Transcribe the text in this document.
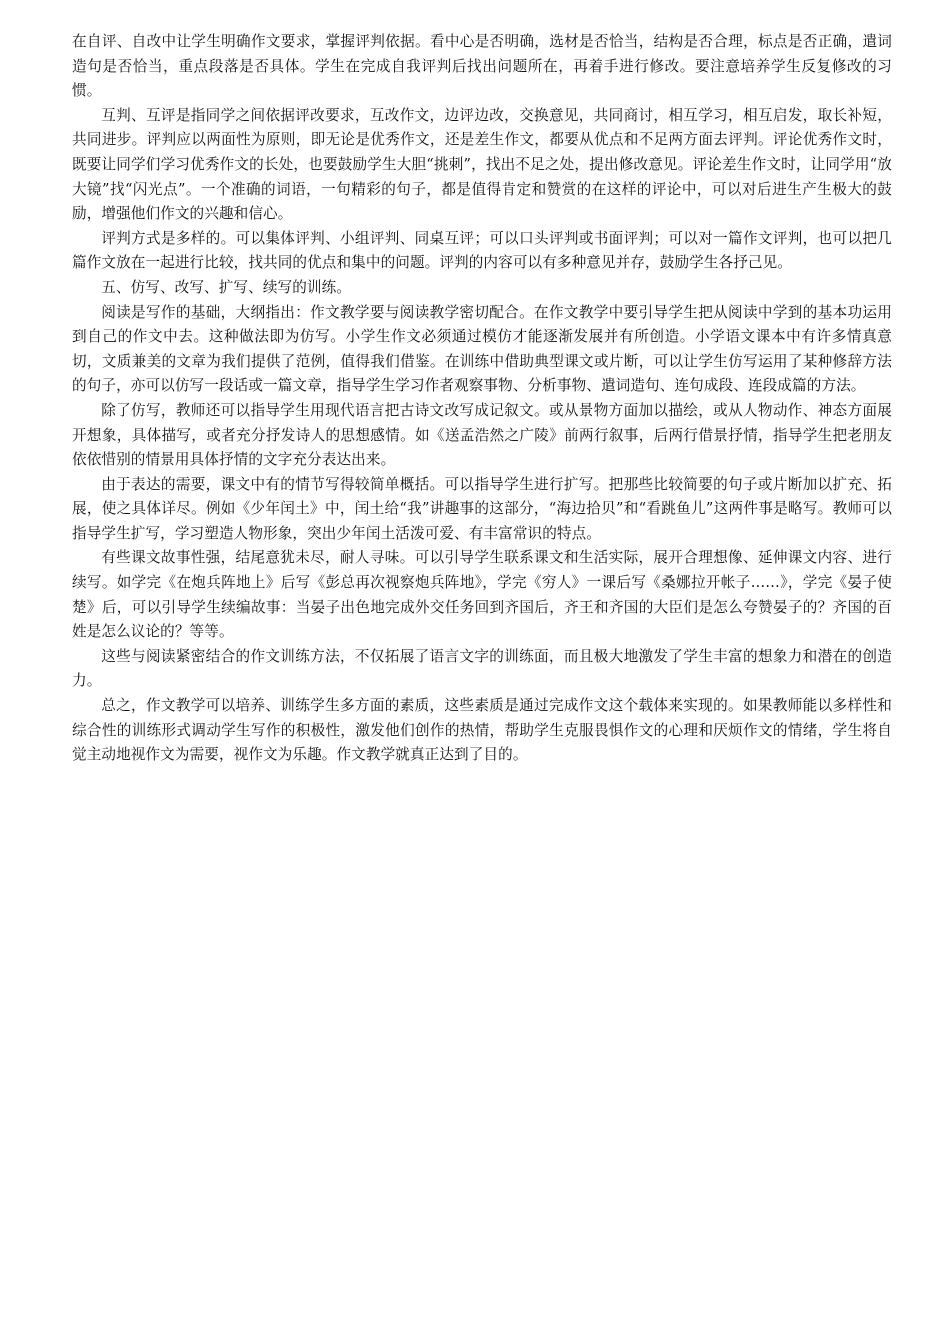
在自评、自改中让学生明确作文要求，掌握评判依据。看中心是否明确，选材是否恰当，结构是否合理，标点是否正确，遣词造句是否恰当，重点段落是否具体。学生在完成自我评判后找出问题所在，再着手进行修改。要注意培养学生反复修改的习惯。

互判、互评是指同学之间依据评改要求，互改作文，边评边改，交换意见，共同商讨，相互学习，相互启发，取长补短，共同进步。评判应以两面性为原则，即无论是优秀作文，还是差生作文，都要从优点和不足两方面去评判。评论优秀作文时，既要让同学们学习优秀作文的长处，也要鼓励学生大胆“挑刺”，找出不足之处，提出修改意见。评论差生作文时，让同学用“放大镜”找“闪光点”。一个准确的词语，一句精彩的句子，都是值得肯定和赞赏的在这样的评论中，可以对后进生产生极大的鼓励，增强他们作文的兴趣和信心。

评判方式是多样的。可以集体评判、小组评判、同桌互评；可以口头评判或书面评判；可以对一篇作文评判，也可以把几篇作文放在一起进行比较，找共同的优点和集中的问题。评判的内容可以有多种意见并存，鼓励学生各抒己见。

五、仿写、改写、扩写、续写的训练。

阅读是写作的基础，大纲指出：作文教学要与阅读教学密切配合。在作文教学中要引导学生把从阅读中学到的基本功运用到自己的作文中去。这种做法即为仿写。小学生作文必须通过模仿才能逐渐发展并有所创造。小学语文课本中有许多情真意切，文质兼美的文章为我们提供了范例，值得我们借鉴。在训练中借助典型课文或片断，可以让学生仿写运用了某种修辞方法的句子，亦可以仿写一段话或一篇文章，指导学生学习作者观察事物、分析事物、遣词造句、连句成段、连段成篇的方法。

除了仿写，教师还可以指导学生用现代语言把古诗文改写成记叙文。或从景物方面加以描绘，或从人物动作、神态方面展开想象，具体描写，或者充分抒发诗人的思想感情。如《送孟浩然之广陵》前两行叙事，后两行借景抒情，指导学生把老朋友依依惜别的情景用具体抒情的文字充分表达出来。

由于表达的需要，课文中有的情节写得较简单概括。可以指导学生进行扩写。把那些比较简要的句子或片断加以扩充、拓展，使之具体详尽。例如《少年闰土》中，闰土给“我”讲趣事的这部分，“海边拾贝”和“看跳鱼儿”这两件事是略写。教师可以指导学生扩写，学习塑造人物形象，突出少年闰土活泼可爱、有丰富常识的特点。

有些课文故事性强，结尾意犹未尽，耐人寻味。可以引导学生联系课文和生活实际，展开合理想像、延伸课文内容、进行续写。如学完《在炮兵阵地上》后写《彭总再次视察炮兵阵地》，学完《穷人》一课后写《桑娜拉开帐子……》，学完《晏子使楚》后，可以引导学生续编故事：当晏子出色地完成外交任务回到齐国后，齐王和齐国的大臣们是怎么夸赞晏子的？齐国的百姓是怎么议论的？等等。

这些与阅读紧密结合的作文训练方法，不仅拓展了语言文字的训练面，而且极大地激发了学生丰富的想象力和潜在的创造力。

总之，作文教学可以培养、训练学生多方面的素质，这些素质是通过完成作文这个载体来实现的。如果教师能以多样性和综合性的训练形式调动学生写作的积极性，激发他们创作的热情，帮助学生克服畏惧作文的心理和厌烦作文的情绪，学生将自觉主动地视作文为需要，视作文为乐趣。作文教学就真正达到了目的。
